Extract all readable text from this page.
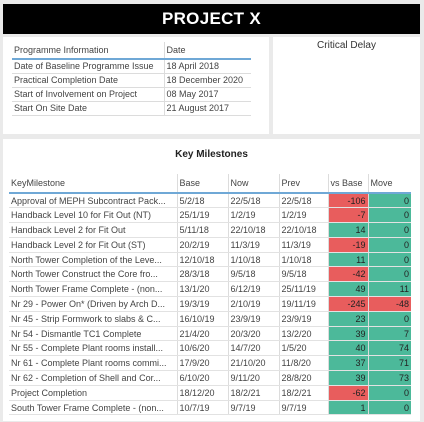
PROJECT X
Programme Information	Date
Date of Baseline Programme Issue	18 April 2018
Practical Completion Date	18 December 2020
Start of Involvement on Project	08 May 2017
Start On Site Date	21 August 2017
Critical Delay
Key Milestones
KeyMilestone	Base	Now	Prev	vs Base	Move
Approval of MEPH Subcontract Pack...	5/2/18	22/5/18	22/5/18	-106	0
Handback Level 10 for Fit Out (NT)	25/1/19	1/2/19	1/2/19	-7	0
Handback Level 2 for Fit Out	5/11/18	22/10/18	22/10/18	14	0
Handback Level 2 for Fit Out (ST)	20/2/19	11/3/19	11/3/19	-19	0
North Tower Completion of the Leve...	12/10/18	1/10/18	1/10/18	11	0
North Tower Construct the Core fro...	28/3/18	9/5/18	9/5/18	-42	0
North Tower Frame Complete - (non...	13/1/20	6/12/19	25/11/19	49	11
Nr 29 - Power On* (Driven by Arch D...	19/3/19	2/10/19	19/11/19	-245	-48
Nr 45 - Strip Formwork to slabs & C...	16/10/19	23/9/19	23/9/19	23	0
Nr 54 - Dismantle TC1 Complete	21/4/20	20/3/20	13/2/20	39	7
Nr 55 - Complete Plant rooms install...	10/6/20	14/7/20	1/5/20	40	74
Nr 61 - Complete Plant rooms commi...	17/9/20	21/10/20	11/8/20	37	71
Nr 62 - Completion of Shell and Cor...	6/10/20	9/11/20	28/8/20	39	73
Project Completion	18/12/20	18/2/21	18/2/21	-62	0
South Tower Frame Complete - (non...	10/7/19	9/7/19	9/7/19	1	0
